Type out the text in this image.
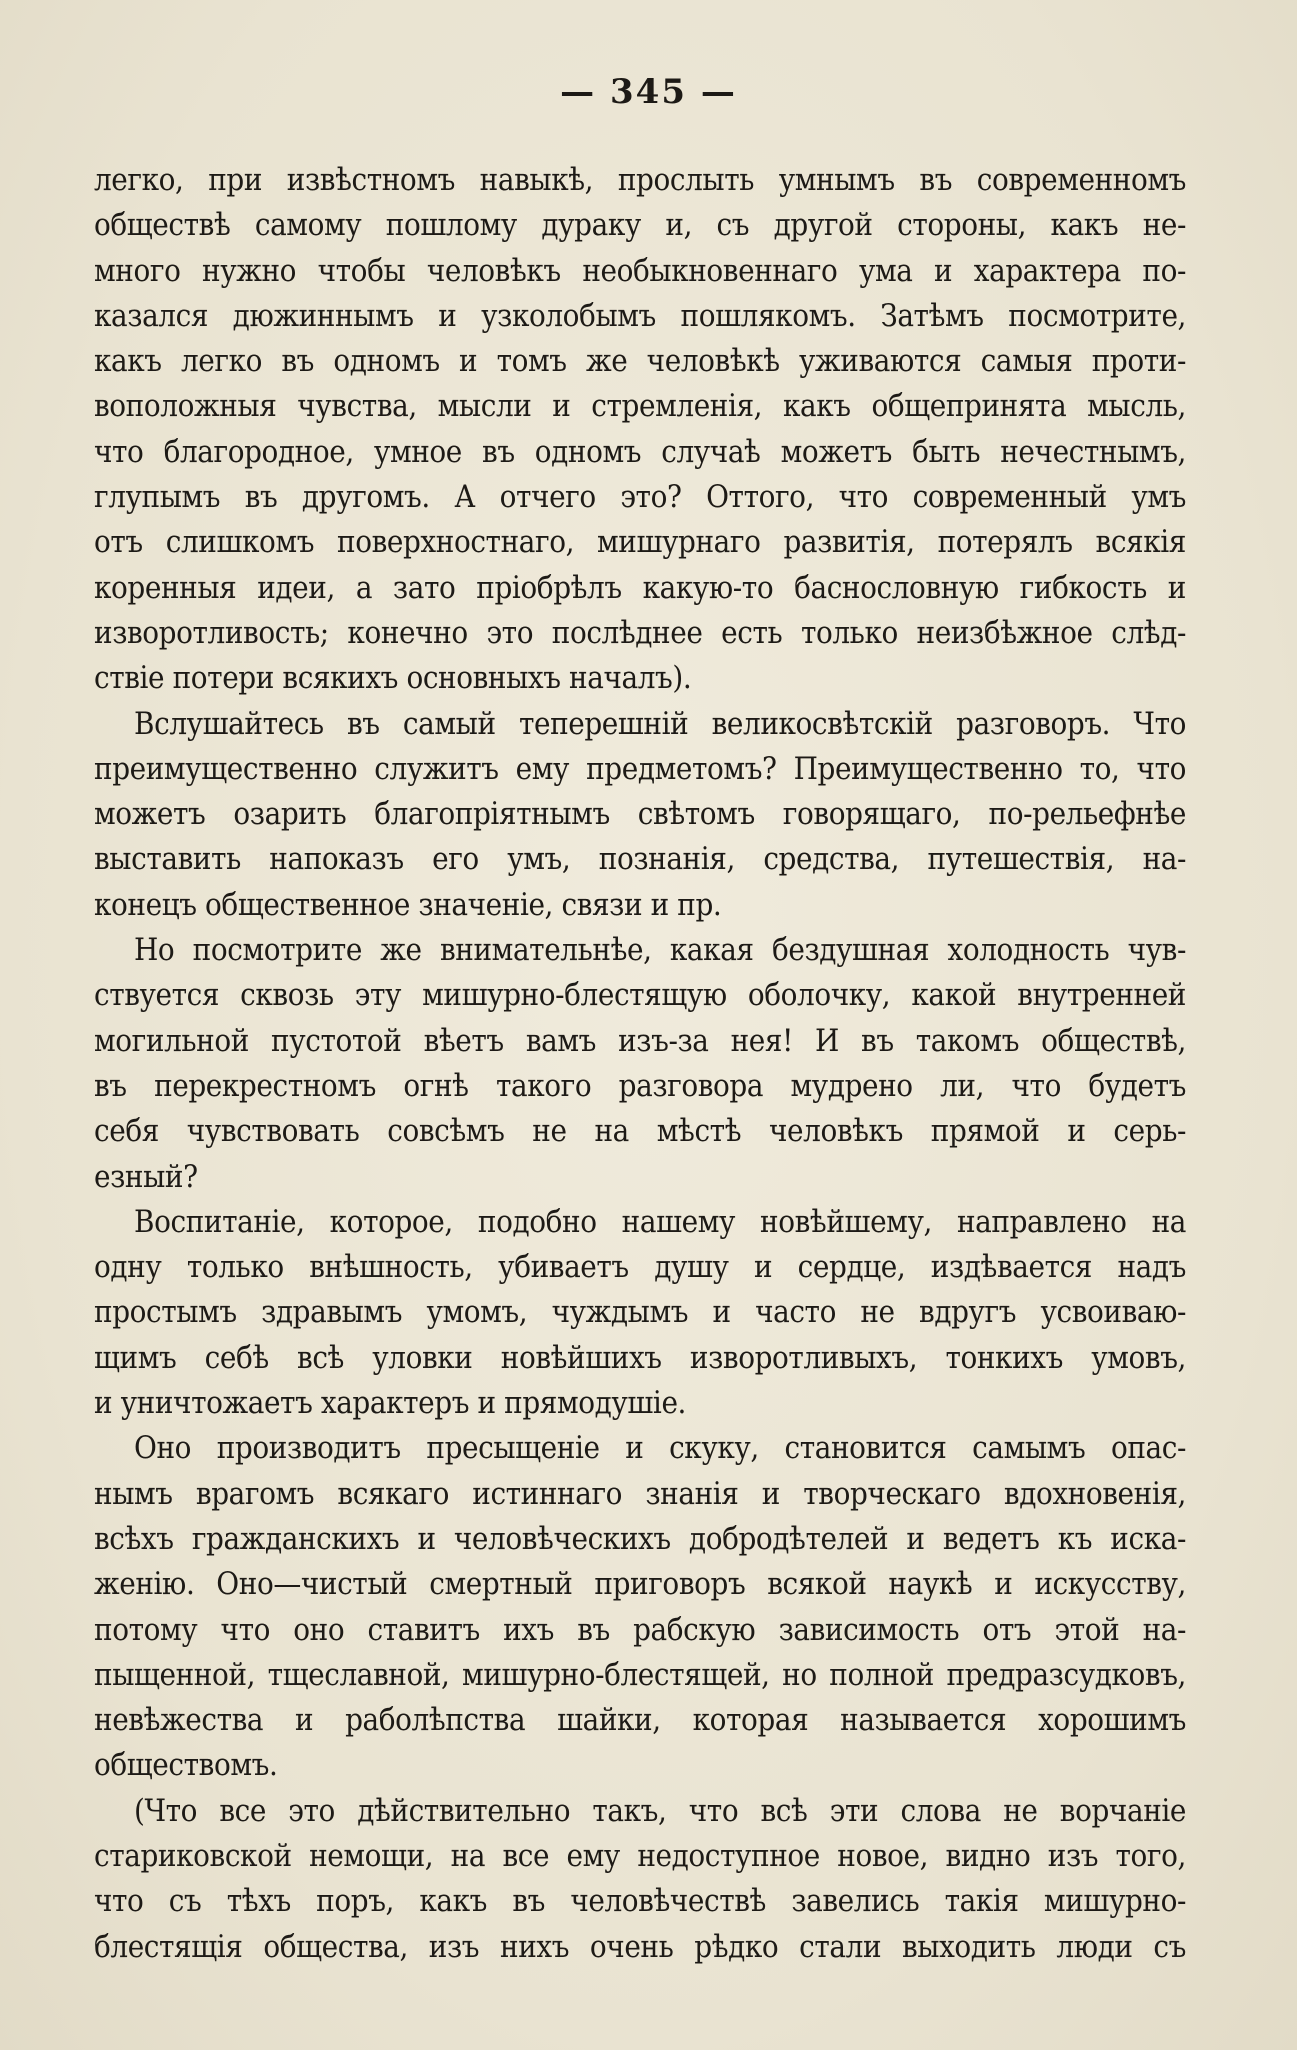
— 345 —
легко, при извѣстномъ навыкѣ, прослыть умнымъ въ современномъ
обществѣ самому пошлому дураку и, съ другой стороны, какъ не-
много нужно чтобы человѣкъ необыкновеннаго ума и характера по-
казался дюжиннымъ и узколобымъ пошлякомъ. Затѣмъ посмотрите,
какъ легко въ одномъ и томъ же человѣкѣ уживаются самыя проти-
воположныя чувства, мысли и стремленія, какъ общепринята мысль,
что благородное, умное въ одномъ случаѣ можетъ быть нечестнымъ,
глупымъ въ другомъ. А отчего это? Оттого, что современный умъ
отъ слишкомъ поверхностнаго, мишурнаго развитія, потерялъ всякія
коренныя идеи, а зато пріобрѣлъ какую-то баснословную гибкость и
изворотливость; конечно это послѣднее есть только неизбѣжное слѣд-
ствіе потери всякихъ основныхъ началъ).
Вслушайтесь въ самый теперешній великосвѣтскій разговоръ. Что
преимущественно служитъ ему предметомъ? Преимущественно то, что
можетъ озарить благопріятнымъ свѣтомъ говорящаго, по-рельефнѣе
выставить напоказъ его умъ, познанія, средства, путешествія, на-
конецъ общественное значеніе, связи и пр.
Но посмотрите же внимательнѣе, какая бездушная холодность чув-
ствуется сквозь эту мишурно-блестящую оболочку, какой внутренней
могильной пустотой вѣетъ вамъ изъ-за нея! И въ такомъ обществѣ,
въ перекрестномъ огнѣ такого разговора мудрено ли, что будетъ
себя чувствовать совсѣмъ не на мѣстѣ человѣкъ прямой и серь-
езный?
Воспитаніе, которое, подобно нашему новѣйшему, направлено на
одну только внѣшность, убиваетъ душу и сердце, издѣвается надъ
простымъ здравымъ умомъ, чуждымъ и часто не вдругъ усвоиваю-
щимъ себѣ всѣ уловки новѣйшихъ изворотливыхъ, тонкихъ умовъ,
и уничтожаетъ характеръ и прямодушіе.
Оно производитъ пресыщеніе и скуку, становится самымъ опас-
нымъ врагомъ всякаго истиннаго знанія и творческаго вдохновенія,
всѣхъ гражданскихъ и человѣческихъ добродѣтелей и ведетъ къ иска-
женію. Оно—чистый смертный приговоръ всякой наукѣ и искусству,
потому что оно ставитъ ихъ въ рабскую зависимость отъ этой на-
пыщенной, тщеславной, мишурно-блестящей, но полной предразсудковъ,
невѣжества и раболѣпства шайки, которая называется хорошимъ
обществомъ.
(Что все это дѣйствительно такъ, что всѣ эти слова не ворчаніе
стариковской немощи, на все ему недоступное новое, видно изъ того,
что съ тѣхъ поръ, какъ въ человѣчествѣ завелись такія мишурно-
блестящія общества, изъ нихъ очень рѣдко стали выходить люди съ
